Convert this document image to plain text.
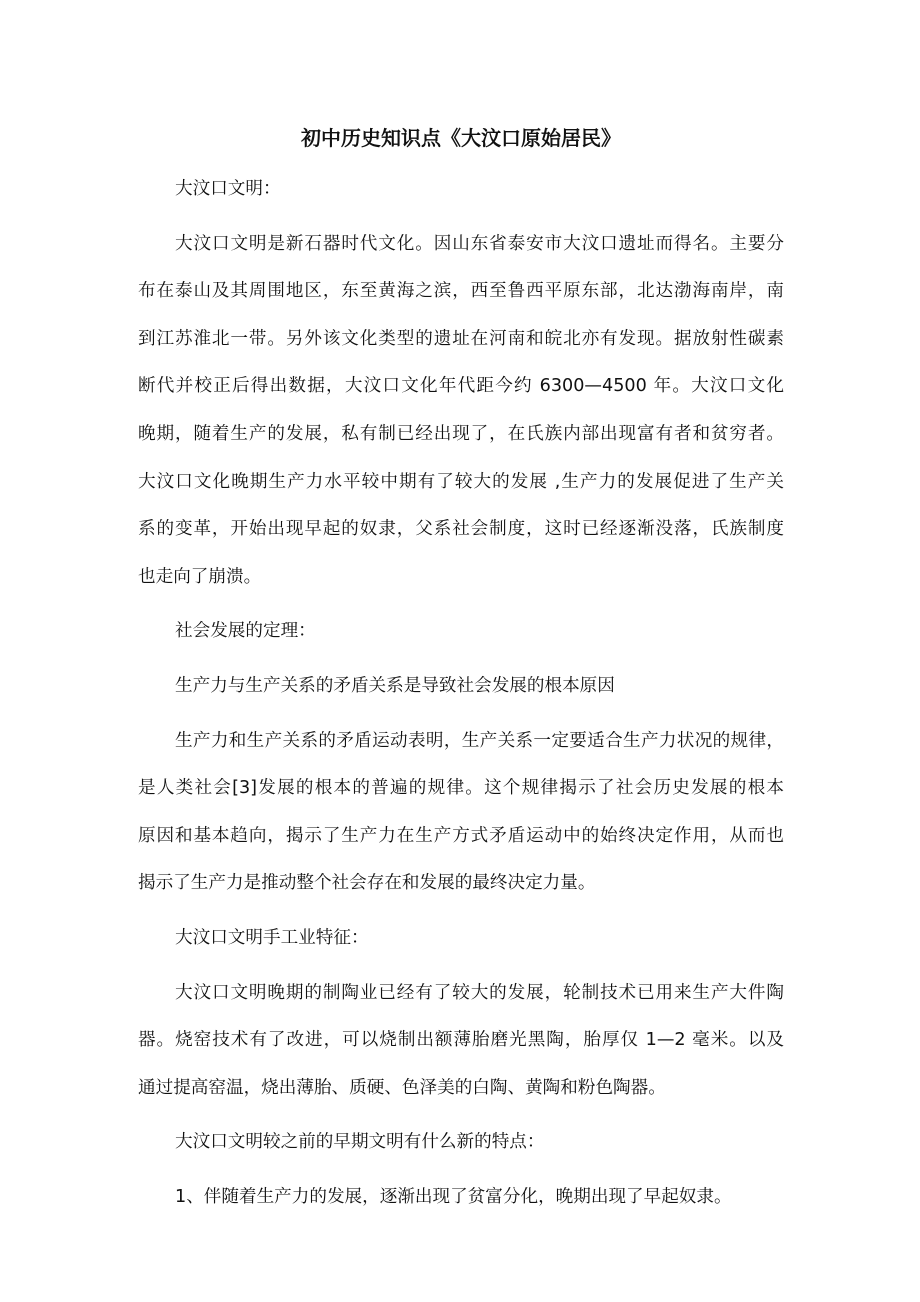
初中历史知识点《大汶口原始居民》
大汶口文明：
大汶口文明是新石器时代文化。因山东省泰安市大汶口遗址而得名。主要分
布在泰山及其周围地区，东至黄海之滨，西至鲁西平原东部，北达渤海南岸，南
到江苏淮北一带。另外该文化类型的遗址在河南和皖北亦有发现。据放射性碳素
断代并校正后得出数据，大汶口文化年代距今约 6300—4500 年。大汶口文化
晚期，随着生产的发展，私有制已经出现了，在氏族内部出现富有者和贫穷者。
大汶口文化晚期生产力水平较中期有了较大的发展 ,生产力的发展促进了生产关
系的变革，开始出现早起的奴隶，父系社会制度，这时已经逐渐没落，氏族制度
也走向了崩溃。
社会发展的定理：
生产力与生产关系的矛盾关系是导致社会发展的根本原因
生产力和生产关系的矛盾运动表明，生产关系一定要适合生产力状况的规律，
是人类社会[3]发展的根本的普遍的规律。这个规律揭示了社会历史发展的根本
原因和基本趋向，揭示了生产力在生产方式矛盾运动中的始终决定作用，从而也
揭示了生产力是推动整个社会存在和发展的最终决定力量。
大汶口文明手工业特征：
大汶口文明晚期的制陶业已经有了较大的发展，轮制技术已用来生产大件陶
器。烧窑技术有了改进，可以烧制出额薄胎磨光黑陶，胎厚仅 1—2 毫米。以及
通过提高窑温，烧出薄胎、质硬、色泽美的白陶、黄陶和粉色陶器。
大汶口文明较之前的早期文明有什么新的特点：
1、伴随着生产力的发展，逐渐出现了贫富分化，晚期出现了早起奴隶。
